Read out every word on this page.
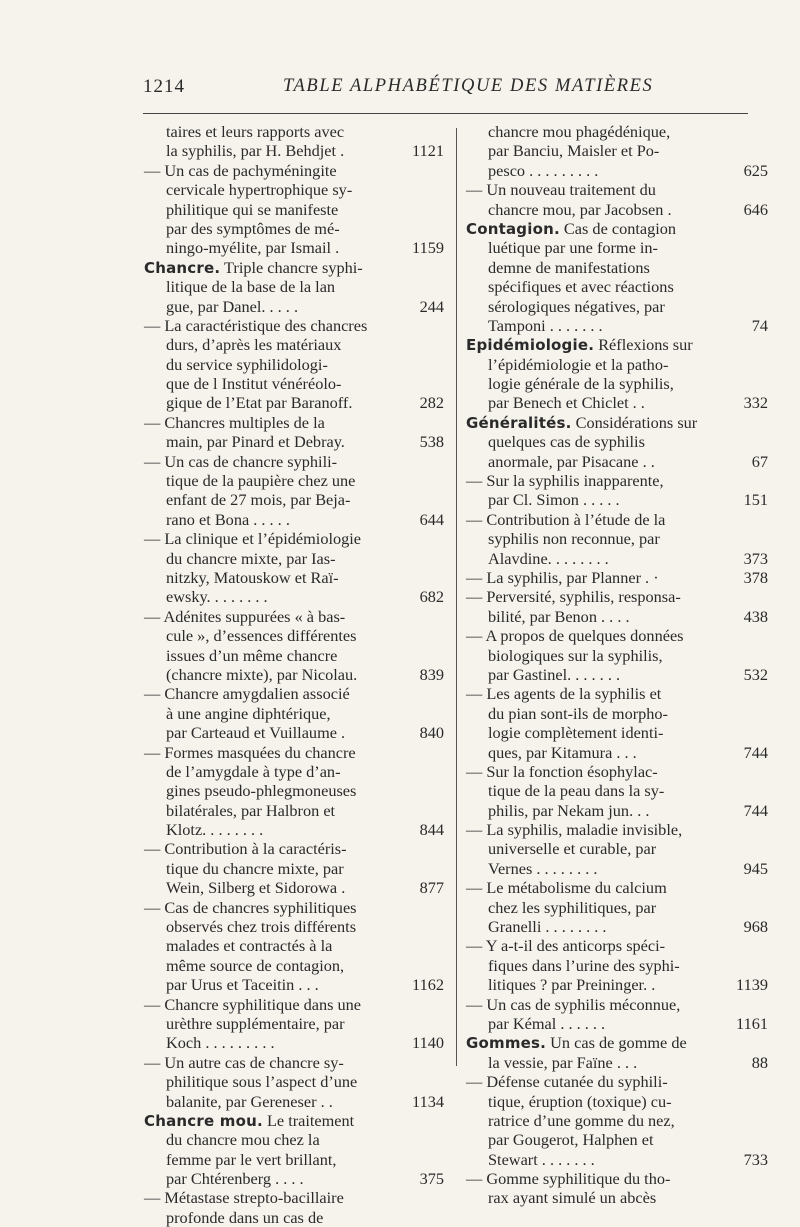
1214	TABLE ALPHABÉTIQUE DES MATIÈRES
taires et leurs rapports avec
la syphilis, par H. Behdjet .	1121
— Un cas de pachyméningite
cervicale hypertrophique sy-
philitique qui se manifeste
par des symptômes de mé-
ningo-myélite, par Ismail .	1159
Chancre. Triple chancre syphi-
litique de la base de la lan
gue, par Danel. . . . .	244
— La caractéristique des chancres
durs, d’après les matériaux
du service syphilidologi-
que de l Institut vénéréolo-
gique de l’Etat par Baranoff.	282
— Chancres multiples de la
main, par Pinard et Debray.	538
— Un cas de chancre syphili-
tique de la paupière chez une
enfant de 27 mois, par Beja-
rano et Bona . . . . .	644
— La clinique et l’épidémiologie
du chancre mixte, par Ias-
nitzky, Matouskow et Raï-
ewsky. . . . . . . .	682
— Adénites suppurées « à bas-
cule », d’essences différentes
issues d’un même chancre
(chancre mixte), par Nicolau.	839
— Chancre amygdalien associé
à une angine diphtérique,
par Carteaud et Vuillaume .	840
— Formes masquées du chancre
de l’amygdale à type d’an-
gines pseudo-phlegmoneuses
bilatérales, par Halbron et
Klotz. . . . . . . .	844
— Contribution à la caractéris-
tique du chancre mixte, par
Wein, Silberg et Sidorowa .	877
— Cas de chancres syphilitiques
observés chez trois différents
malades et contractés à la
même source de contagion,
par Urus et Taceitin . . .	1162
— Chancre syphilitique dans une
urèthre supplémentaire, par
Koch . . . . . . . . .	1140
— Un autre cas de chancre sy-
philitique sous l’aspect d’une
balanite, par Gereneser . .	1134
Chancre mou. Le traitement
du chancre mou chez la
femme par le vert brillant,
par Chtérenberg . . . .	375
— Métastase strepto-bacillaire
profonde dans un cas de
chancre mou phagédénique,
par Banciu, Maisler et Po-
pesco . . . . . . . . .	625
— Un nouveau traitement du
chancre mou, par Jacobsen .	646
Contagion. Cas de contagion
luétique par une forme in-
demne de manifestations
spécifiques et avec réactions
sérologiques négatives, par
Tamponi . . . . . . .	74
Epidémiologie. Réflexions sur
l’épidémiologie et la patho-
logie générale de la syphilis,
par Benech et Chiclet . .	332
Généralités. Considérations sur
quelques cas de syphilis
anormale, par Pisacane . .	67
— Sur la syphilis inapparente,
par Cl. Simon . . . . .	151
— Contribution à l’étude de la
syphilis non reconnue, par
Alavdine. . . . . . . .	373
— La syphilis, par Planner . ·	378
— Perversité, syphilis, responsa-
bilité, par Benon . . . .	438
— A propos de quelques données
biologiques sur la syphilis,
par Gastinel. . . . . . .	532
— Les agents de la syphilis et
du pian sont-ils de morpho-
logie complètement identi-
ques, par Kitamura . . .	744
— Sur la fonction ésophylac-
tique de la peau dans la sy-
philis, par Nekam jun. . .	744
— La syphilis, maladie invisible,
universelle et curable, par
Vernes . . . . . . . .	945
— Le métabolisme du calcium
chez les syphilitiques, par
Granelli . . . . . . . .	968
— Y a-t-il des anticorps spéci-
fiques dans l’urine des syphi-
litiques ? par Preininger. .	1139
— Un cas de syphilis méconnue,
par Kémal . . . . . .	1161
Gommes. Un cas de gomme de
la vessie, par Faïne . . .	88
— Défense cutanée du syphili-
tique, éruption (toxique) cu-
ratrice d’une gomme du nez,
par Gougerot, Halphen et
Stewart . . . . . . .	733
— Gomme syphilitique du tho-
rax ayant simulé un abcès
